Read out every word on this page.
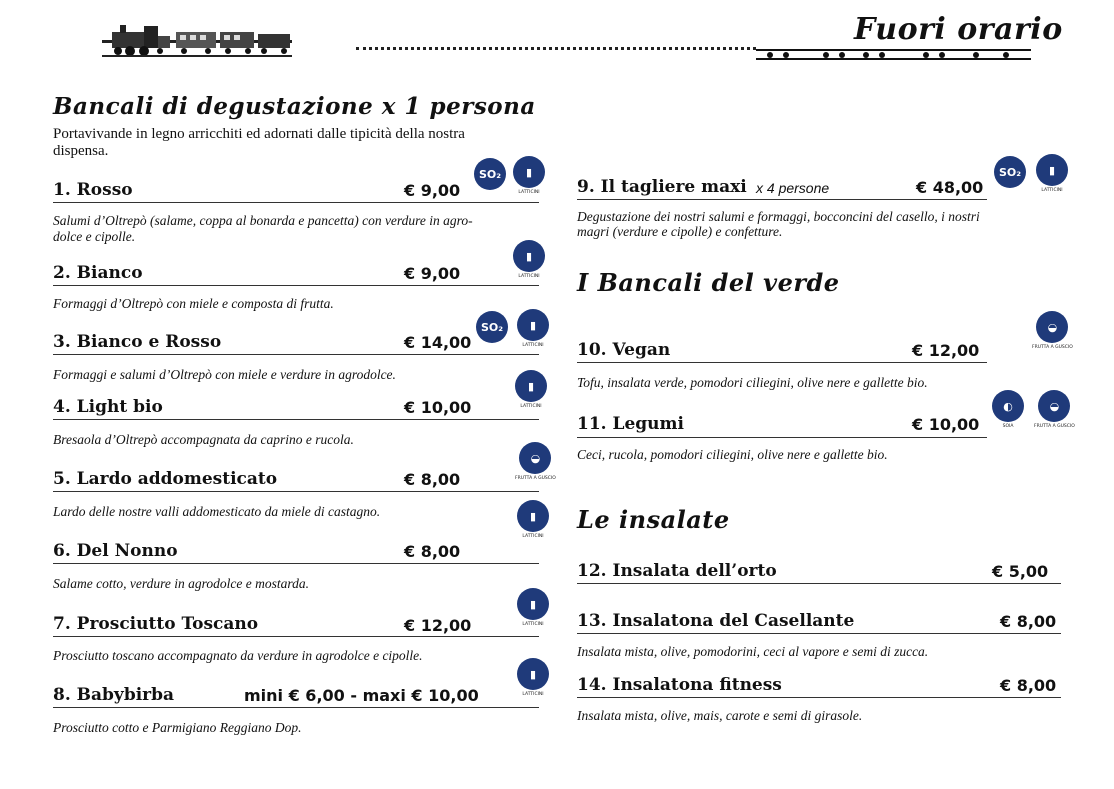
Fuori orario
Bancali di degustazione x 1 persona
Portavivande in legno arricchiti ed adornati dalle tipicità della nostra
dispensa.
1. Rosso	€ 9,00
Salumi d’Oltrepò (salame, coppa al bonarda e pancetta) con verdure in agro-
dolce e cipolle.
SO₂	▮
LATTICINI
2. Bianco	€ 9,00
Formaggi d’Oltrepò con miele e composta di frutta.
▮
LATTICINI
3. Bianco e Rosso	€ 14,00
Formaggi e salumi d’Oltrepò con miele e verdure in agrodolce.
SO₂	▮
LATTICINI
4. Light bio	€ 10,00
Bresaola d’Oltrepò accompagnata da caprino e rucola.
▮
LATTICINI
5. Lardo addomesticato	€ 8,00
Lardo delle nostre valli addomesticato da miele di castagno.
◒
FRUTTA A GUSCIO
6. Del Nonno	€ 8,00
Salame cotto, verdure in agrodolce e mostarda.
▮
LATTICINI
7. Prosciutto Toscano	€ 12,00
Prosciutto toscano accompagnato da verdure in agrodolce e cipolle.
▮
LATTICINI
8. Babybirba	mini € 6,00 - maxi € 10,00
Prosciutto cotto e Parmigiano Reggiano Dop.
▮
LATTICINI
9. Il tagliere maxi x 4 persone	€ 48,00
Degustazione dei nostri salumi e formaggi, bocconcini del casello, i nostri
magri (verdure e cipolle) e confetture.
SO₂	▮
LATTICINI
I Bancali del verde
10. Vegan	€ 12,00
Tofu, insalata verde, pomodori ciliegini, olive nere e gallette bio.
◒
FRUTTA A GUSCIO
11. Legumi	€ 10,00
Ceci, rucola, pomodori ciliegini, olive nere e gallette bio.
◐
SOIA
◒
FRUTTA A GUSCIO
Le insalate
12. Insalata dell’orto	€ 5,00
13. Insalatona del Casellante	€ 8,00
Insalata mista, olive, pomodorini, ceci al vapore e semi di zucca.
14. Insalatona fitness	€ 8,00
Insalata mista, olive, mais, carote e semi di girasole.
